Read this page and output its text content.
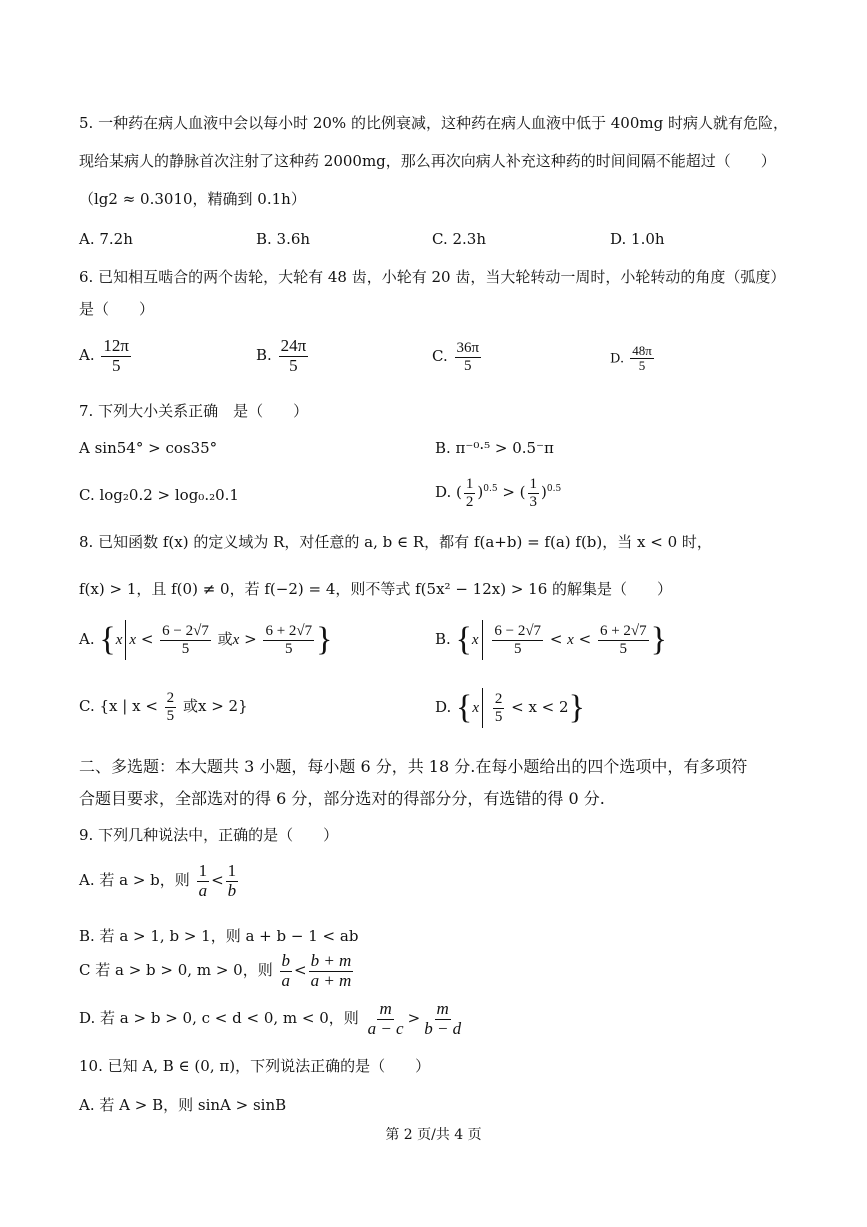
5. 一种药在病人血液中会以每小时 20% 的比例衰减，这种药在病人血液中低于 400mg 时病人就有危险，
现给某病人的静脉首次注射了这种药 2000mg，那么再次向病人补充这种药的时间间隔不能超过（　　）
（lg2 ≈ 0.3010，精确到 0.1h）
A. 7.2h	B. 3.6h	C. 2.3h	D. 1.0h
6. 已知相互啮合的两个齿轮，大轮有 48 齿，小轮有 20 齿，当大轮转动一周时，小轮转动的角度（弧度）
是（　　）
A. $\frac{12\pi}{5}$	B. $\frac{24\pi}{5}$	C. $\frac{36\pi}{5}$	D. $\frac{48\pi}{5}$
7. 下列大小关系正确　是（　　）
A sin54° > cos35°	B. π⁻⁰·⁵ > 0.5⁻π
C. log₂0.2 > log₀.₂0.1	D. ( $\frac{1}{2} )^{0.5}$ > ( $\frac{1}{3} )^{0.5}$
8. 已知函数 f(x) 的定义域为 R，对任意的 a, b ∈ R，都有 f(a+b) = f(a) f(b)，当 x < 0 时，
f(x) > 1，且 f(0) ≠ 0，若 f(−2) = 4，则不等式 f(5x² − 12x) > 16 的解集是（　　）
A. {x $x < \frac{6 - 2√7}{5}$ 或$x > \frac{6 + 2√7}{5}$ }	B. {$x \frac{6 - 2√7}{5} < x < \frac{6 + 2√7}{5}$ }
C. {x | $x < \frac{2}{5}$ 或x > 2}	D. $\{x \frac{2}{5} < x < 2\}$
二、多选题：本大题共 3 小题，每小题 6 分，共 18 分.在每小题给出的四个选项中，有多项符
合题目要求，全部选对的得 6 分，部分选对的得部分分，有选错的得 0 分.
9. 下列几种说法中，正确的是（　　）
A. 若 a > b，则 $\frac{1}{a} < \frac{1}{b}$
B. 若 a > 1, b > 1，则 a + b − 1 < ab
C 若 a > b > 0, m > 0，则 $\frac{b}{a} < \frac{b + m}{a + m}$
D. 若 a > b > 0, c < d < 0, m < 0，则 $\frac{m}{a - c} > \frac{m}{b - d}$
10. 已知 A, B ∈ (0, π)，下列说法正确的是（　　）
A. 若 A > B，则 sinA > sinB
第 2 页/共 4 页
